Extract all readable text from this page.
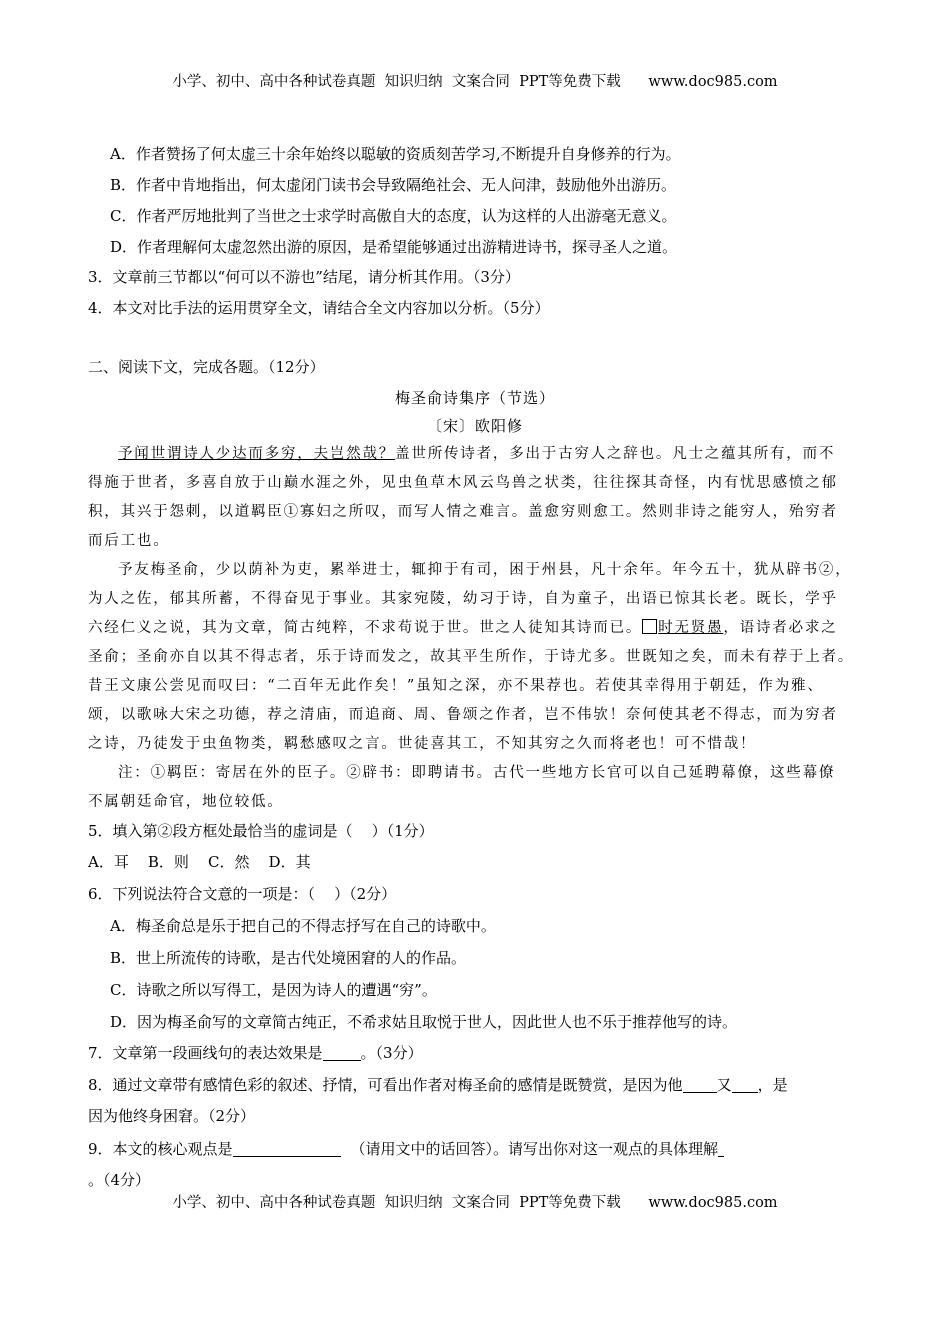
小学、初中、高中各种试卷真题  知识归纳  文案合同  PPT等免费下载      www.doc985.com
A．作者赞扬了何太虚三十余年始终以聪敏的资质刻苦学习,不断提升自身修养的行为。
B．作者中肯地指出，何太虚闭门读书会导致隔绝社会、无人问津，鼓励他外出游历。
C．作者严厉地批判了当世之士求学时高傲自大的态度，认为这样的人出游毫无意义。
D．作者理解何太虚忽然出游的原因，是希望能够通过出游精进诗书，探寻圣人之道。
3．文章前三节都以“何可以不游也”结尾，请分析其作用。（3分）
4．本文对比手法的运用贯穿全文，请结合全文内容加以分析。（5分）
二、阅读下文，完成各题。（12分）
梅圣俞诗集序（节选）
〔宋〕欧阳修
予闻世谓诗人少达而多穷，夫岂然哉？盖世所传诗者，多出于古穷人之辞也。凡士之蕴其所有，而不
得施于世者，多喜自放于山巅水涯之外，见虫鱼草木风云鸟兽之状类，往往探其奇怪，内有忧思感愤之郁
积，其兴于怨刺，以道羁臣①寡妇之所叹，而写人情之难言。盖愈穷则愈工。然则非诗之能穷人，殆穷者
而后工也。
予友梅圣俞，少以荫补为吏，累举进士，辄抑于有司，困于州县，凡十余年。年今五十，犹从辟书②，
为人之佐，郁其所蓄，不得奋见于事业。其家宛陵，幼习于诗，自为童子，出语已惊其长老。既长，学乎
六经仁义之说，其为文章，简古纯粹，不求苟说于世。世之人徒知其诗而已。 时无贤愚，语诗者必求之
圣俞；圣俞亦自以其不得志者，乐于诗而发之，故其平生所作，于诗尤多。世既知之矣，而未有荐于上者。
昔王文康公尝见而叹曰：“二百年无此作矣！”虽知之深，亦不果荐也。若使其幸得用于朝廷，作为雅、
颂，以歌咏大宋之功德，荐之清庙，而追商、周、鲁颂之作者，岂不伟欤！奈何使其老不得志，而为穷者
之诗，乃徒发于虫鱼物类，羁愁感叹之言。世徒喜其工，不知其穷之久而将老也！可不惜哉！
注：①羁臣：寄居在外的臣子。②辟书：即聘请书。古代一些地方长官可以自己延聘幕僚，这些幕僚
不属朝廷命官，地位较低。
5．填入第②段方框处最恰当的虚词是（    ）（1分）
A．耳    B．则    C．然    D．其
6．下列说法符合文意的一项是：（    ）（2分）
A．梅圣俞总是乐于把自己的不得志抒写在自己的诗歌中。
B．世上所流传的诗歌，是古代处境困窘的人的作品。
C．诗歌之所以写得工，是因为诗人的遭遇“穷”。
D．因为梅圣俞写的文章简古纯正，不希求姑且取悦于世人，因此世人也不乐于推荐他写的诗。
7．文章第一段画线句的表达效果是	。（3分）
8．通过文章带有感情色彩的叙述、抒情，可看出作者对梅圣俞的感情是既赞赏，是因为他 又 ，是
因为他终身困窘。（2分）
9．本文的核心观点是	（请用文中的话回答）。请写出你对这一观点的具体理解
。（4分）
小学、初中、高中各种试卷真题  知识归纳  文案合同  PPT等免费下载      www.doc985.com
